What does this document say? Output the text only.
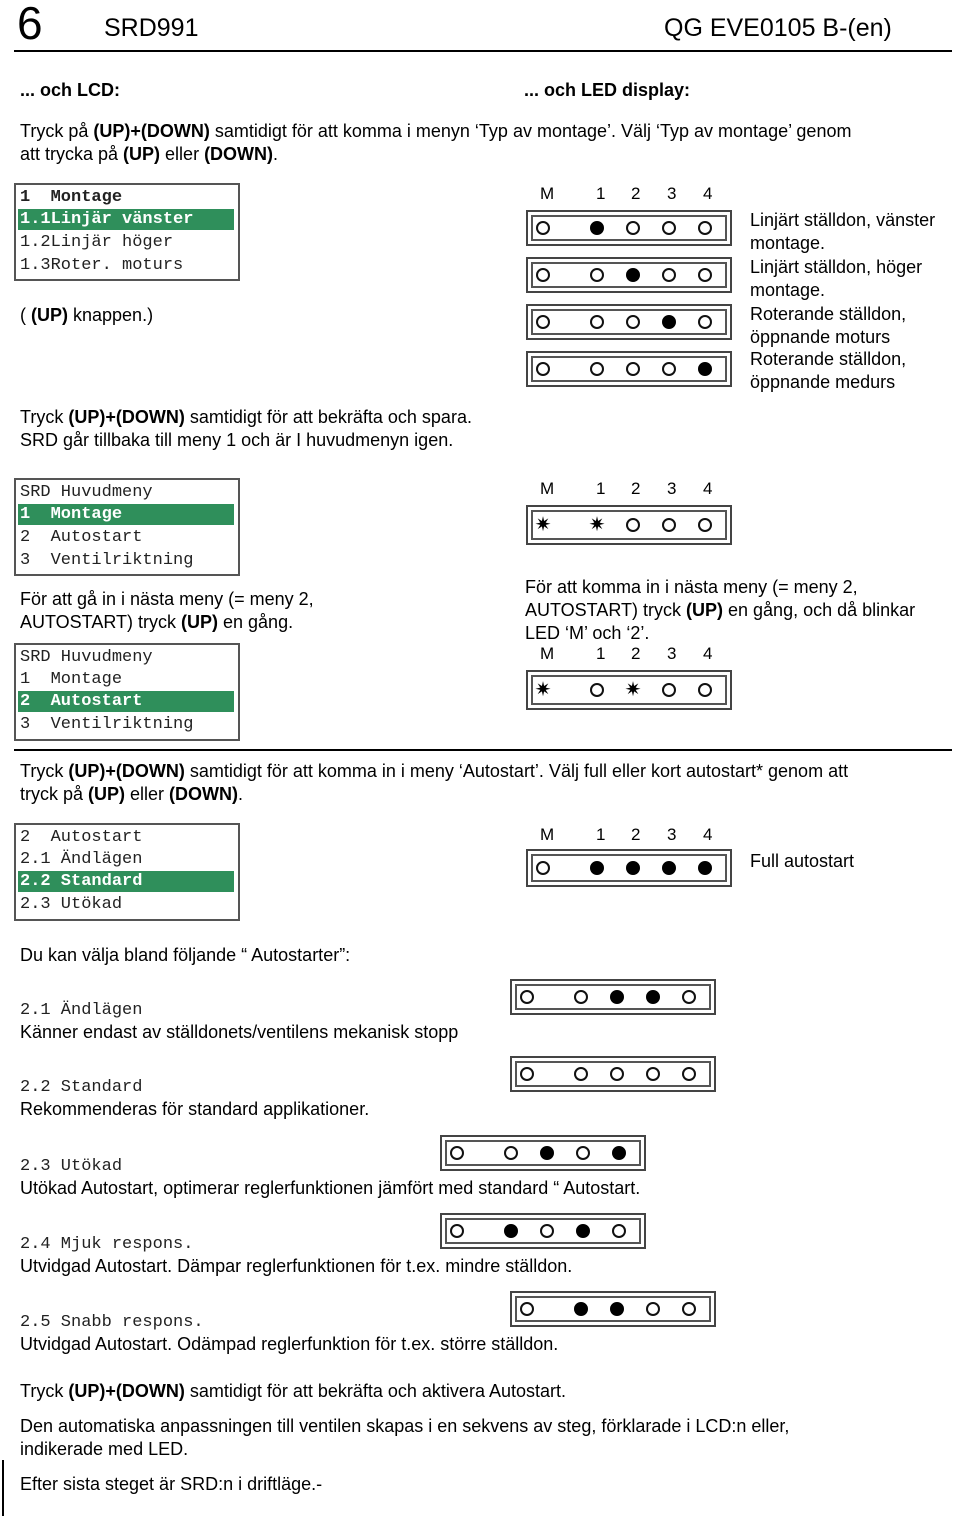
6 SRD991	QG EVE0105 B-(en)
... och LCD:	... och LED display:
Tryck på (UP)+(DOWN) samtidigt för att komma i menyn ‘Typ av montage’. Välj ‘Typ av montage’ genom
att trycka på (UP) eller (DOWN).
1  Montage
1.1Linjär vänster
1.2Linjär höger
1.3Roter. moturs
( (UP) knappen.)
Tryck (UP)+(DOWN) samtidigt för att bekräfta och spara.
SRD går tillbaka till meny 1 och är I huvudmenyn igen.
M 1 2 3 4
Linjärt ställdon, vänster
montage.
Linjärt ställdon, höger
montage.
Roterande ställdon,
öppnande moturs
Roterande ställdon,
öppnande medurs
SRD Huvudmeny
1  Montage
2  Autostart
3  Ventilriktning
M 1 2 3 4
✷ ✷
För att gå in i nästa meny (= meny 2,
AUTOSTART) tryck (UP) en gång.
För att komma in i nästa meny (= meny 2,
AUTOSTART) tryck (UP) en gång, och då blinkar
LED ‘M’ och ‘2’.
M 1 2 3 4
✷	✷
SRD Huvudmeny
1  Montage
2  Autostart
3  Ventilriktning
Tryck (UP)+(DOWN) samtidigt för att komma in i meny ‘Autostart’. Välj full eller kort autostart* genom att
tryck på (UP) eller (DOWN).
2  Autostart
2.1 Ändlägen
2.2 Standard
2.3 Utökad
M 1 2 3 4
Full autostart
Du kan välja bland följande “ Autostarter”:
2.1 Ändlägen
Känner endast av ställdonets/ventilens mekanisk stopp
2.2 Standard
Rekommenderas för standard applikationer.
2.3 Utökad
Utökad Autostart, optimerar reglerfunktionen jämfört med standard “ Autostart.
2.4 Mjuk respons.
Utvidgad Autostart. Dämpar reglerfunktionen för t.ex. mindre ställdon.
2.5 Snabb respons.
Utvidgad Autostart. Odämpad reglerfunktion för t.ex. större ställdon.
Tryck (UP)+(DOWN) samtidigt för att bekräfta och aktivera Autostart.
Den automatiska anpassningen till ventilen skapas i en sekvens av steg, förklarade i LCD:n eller,
indikerade med LED.
Efter sista steget är SRD:n i driftläge.-
